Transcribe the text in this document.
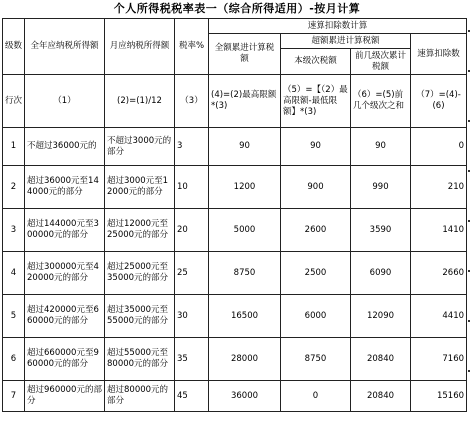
个人所得税税率表一（综合所得适用）-按月计算
级数	全年应纳税所得额	月应纳税所得额	税率%	速算扣除数计算			
				全额累进计算税额	超额累进计算税额		速算扣除数
					本级次税额	前几级次累计税额	
行次	（1）	(2)=(1)/12	（3）	(4)=(2)最高限额*(3)	（5）=【（2）最高限额-最低限额】*(3)	（6）=(5)前几个级次之和	（7）=(4)-(6)
1	不超过36000元的	不超过3000元的部分	3	90	90	90	0
2	超过36000元至144000元的部分	超过3000元至12000元的部分	10	1200	900	990	210
3	超过144000元至300000元的部分	超过12000元至25000元的部分	20	5000	2600	3590	1410
4	超过300000元至420000元的部分	超过25000元至35000元的部分	25	8750	2500	6090	2660
5	超过420000元至660000元的部分	超过35000元至55000元的部分	30	16500	6000	12090	4410
6	超过660000元至960000元的部分	超过55000元至80000元的部分	35	28000	8750	20840	7160
7	超过960000元的部分	超过80000元的部分	45	36000	0	20840	15160
